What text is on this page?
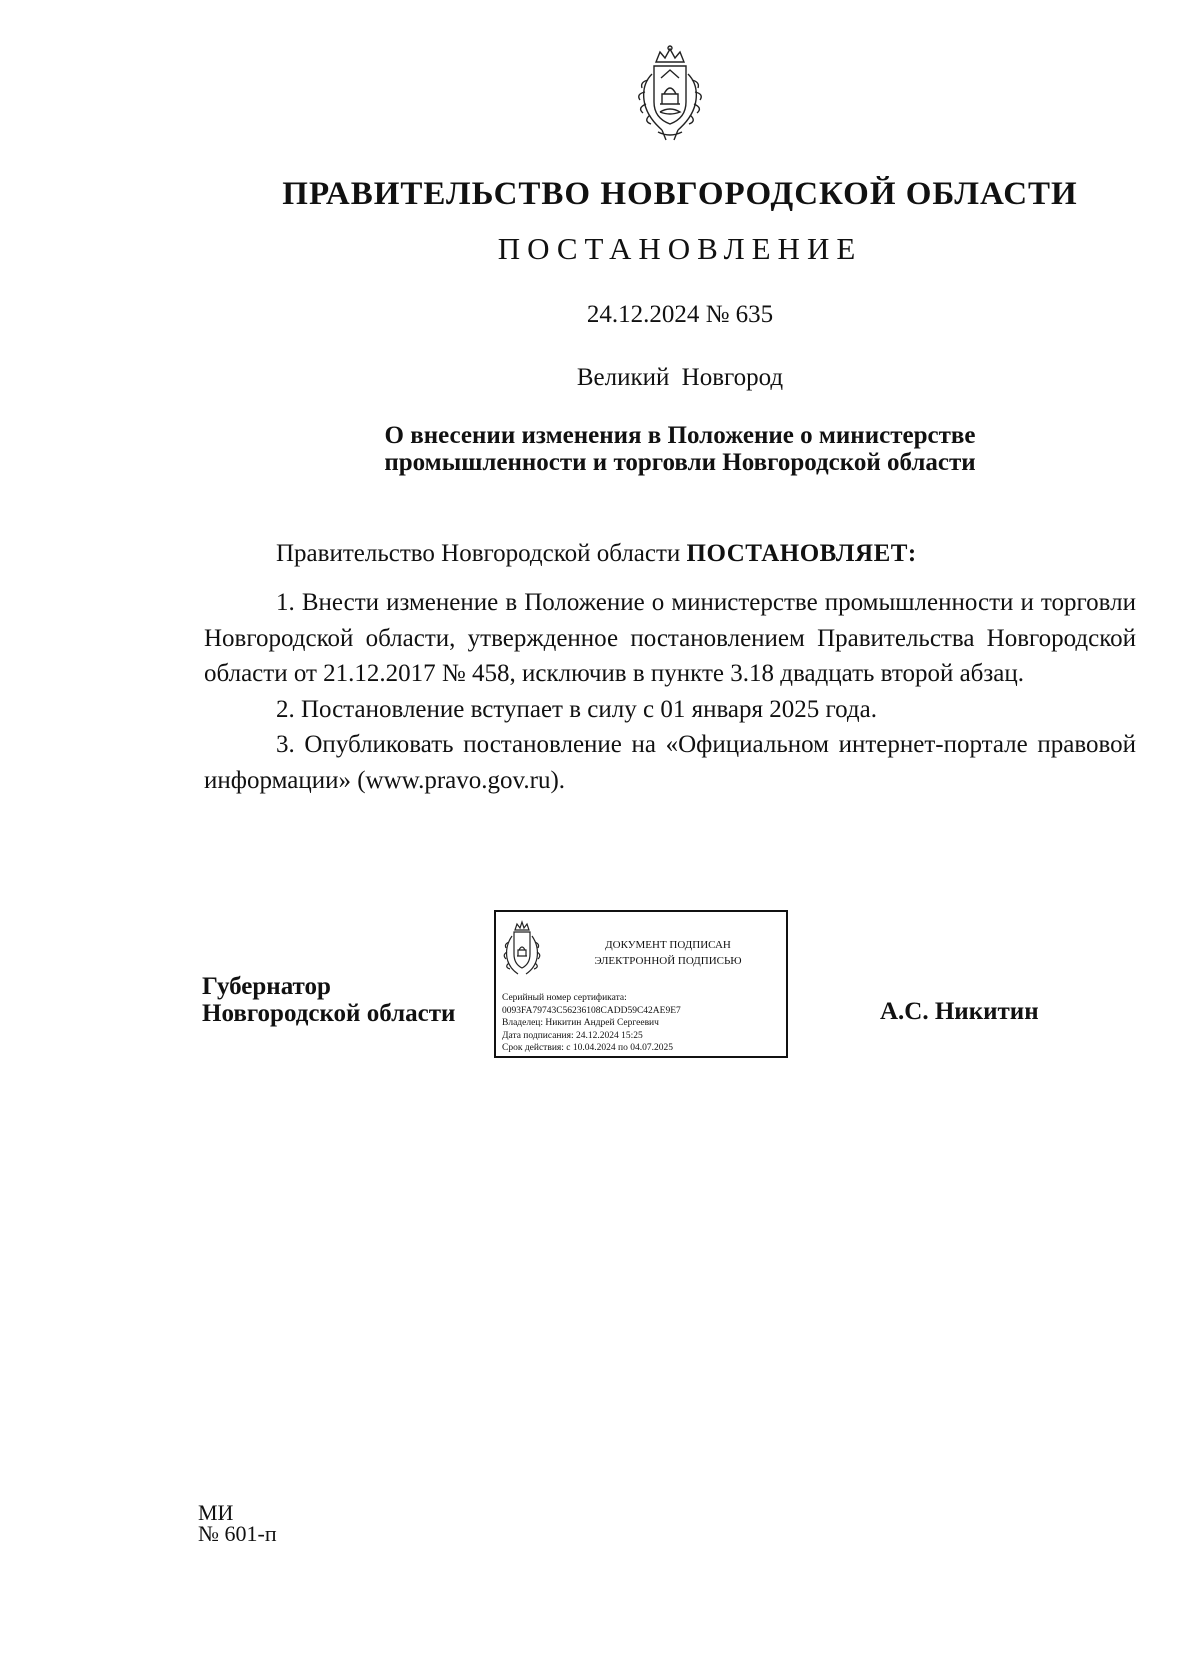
ПРАВИТЕЛЬСТВО НОВГОРОДСКОЙ ОБЛАСТИ
ПОСТАНОВЛЕНИЕ
24.12.2024 № 635
Великий Новгород
О внесении изменения в Положение о министерстве
промышленности и торговли Новгородской области
Правительство Новгородской области ПОСТАНОВЛЯЕТ:

1. Внести изменение в Положение о министерстве промышленности и торговли Новгородской области, утвержденное постановлением Правительства Новгородской области от 21.12.2017 № 458, исключив в пункте 3.18 двадцать второй абзац.

2. Постановление вступает в силу с 01 января 2025 года.

3. Опубликовать постановление на «Официальном интернет-портале правовой информации» (www.pravo.gov.ru).

Губернатор
Новгородской области
ДОКУМЕНТ ПОДПИСАН
ЭЛЕКТРОННОЙ ПОДПИСЬЮ
Серийный номер сертификата:
0093FA79743C56236108CADD59C42AE9E7
Владелец: Никитин Андрей Сергеевич
Дата подписания: 24.12.2024 15:25
Срок действия: с 10.04.2024 по 04.07.2025
А.С. Никитин
МИ
№ 601-п
